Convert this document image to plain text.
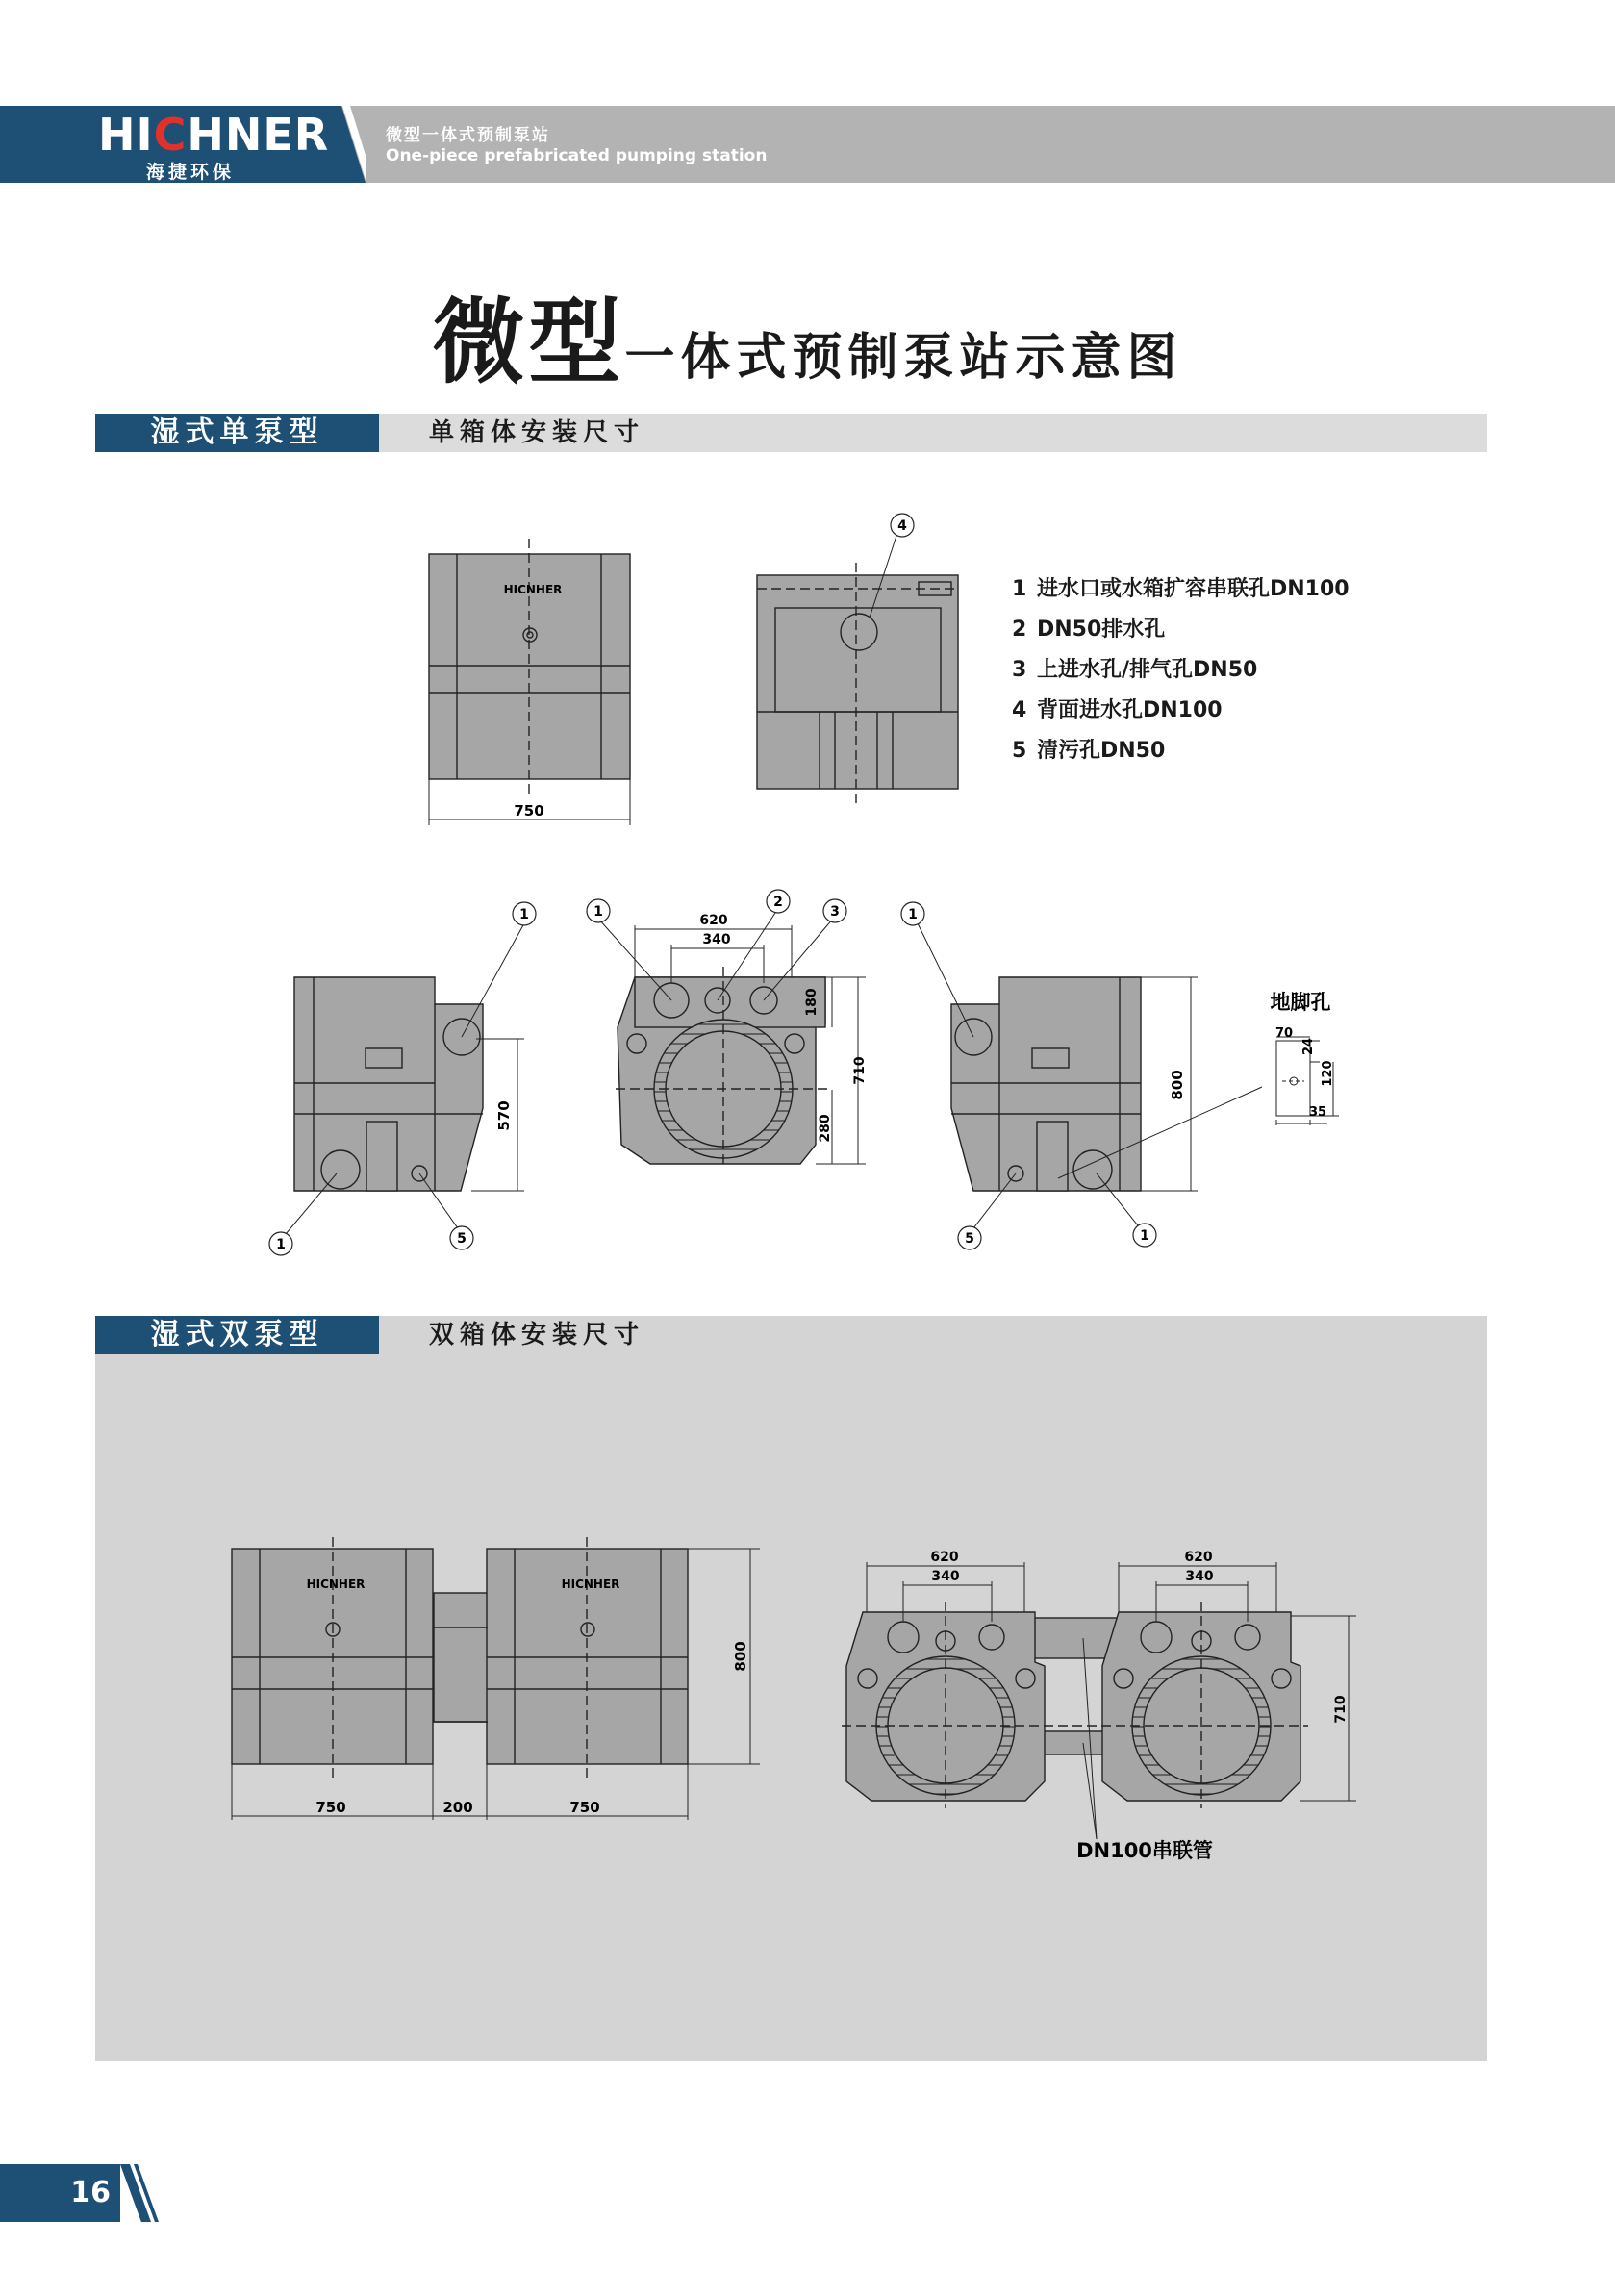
HICHNER
海捷环保
微型一体式预制泵站
One-piece prefabricated pumping station
微型一体式预制泵站示意图
湿式单泵型	单箱体安装尺寸
HICNHER
750
4
570
620
340
180
280
710	800
地脚孔
70
24
120
35
1
1	5
1
2
3	1
5	1
1 进水口或水箱扩容串联孔DN100
2 DN50排水孔
3 上进水孔/排气孔DN50
4 背面进水孔DN100
5 清污孔DN50
湿式双泵型	双箱体安装尺寸
HICNHER	HICNHER
750	200	750
800
620
340
620
340
710
DN100串联管
16
